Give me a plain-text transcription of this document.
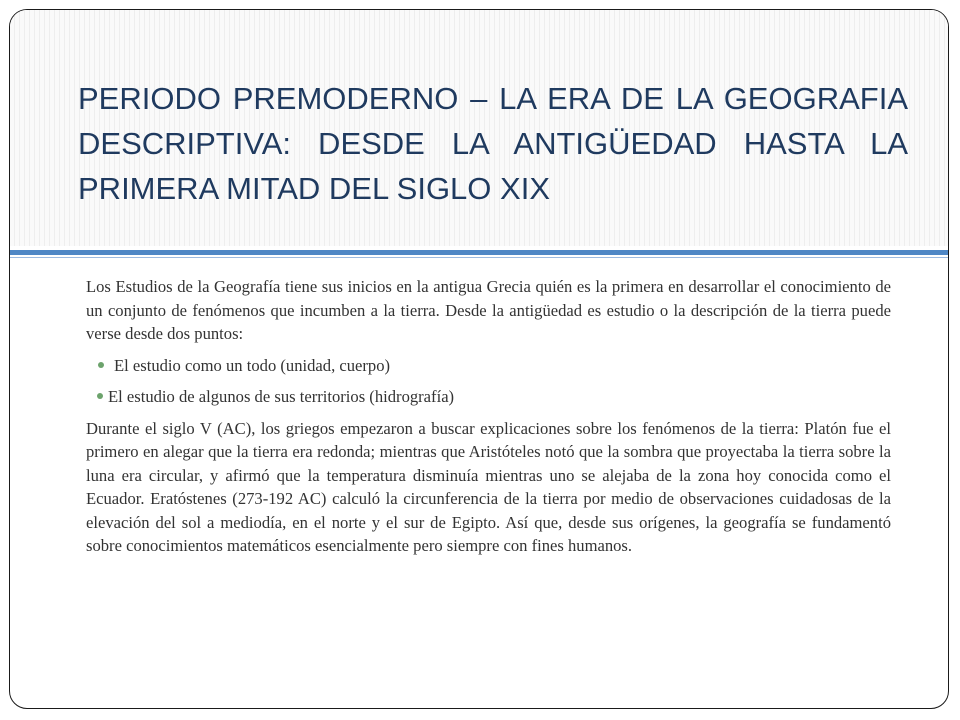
PERIODO PREMODERNO – LA ERA DE LA GEOGRAFIA DESCRIPTIVA: DESDE LA ANTIGÜEDAD HASTA LA PRIMERA MITAD DEL SIGLO XIX

Los Estudios de la Geografía tiene sus inicios en la antigua Grecia quién es la primera en desarrollar el conocimiento de un conjunto de fenómenos que incumben a la tierra. Desde la antigüedad es estudio o la descripción de la tierra puede verse desde dos puntos:

El estudio como un todo (unidad, cuerpo)
El estudio de algunos de sus territorios (hidrografía)

Durante el siglo V (AC), los griegos empezaron a buscar explicaciones sobre los fenómenos de la tierra: Platón fue el primero en alegar que la tierra era redonda; mientras que Aristóteles notó que la sombra que proyectaba la tierra sobre la luna era circular, y afirmó que la temperatura disminuía mientras uno se alejaba de la zona hoy conocida como el Ecuador. Eratóstenes (273-192 AC) calculó la circunferencia de la tierra por medio de observaciones cuidadosas de la elevación del sol a mediodía, en el norte y el sur de Egipto. Así que, desde sus orígenes, la geografía se fundamentó sobre conocimientos matemáticos esencialmente pero siempre con fines humanos.
